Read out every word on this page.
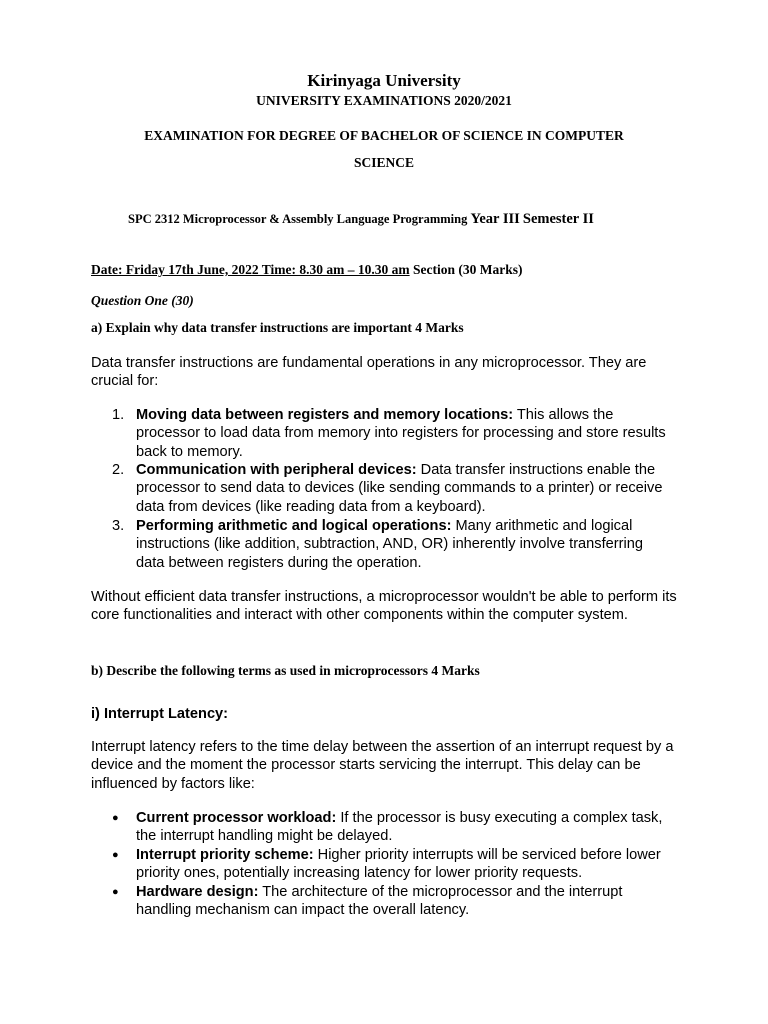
Kirinyaga University
UNIVERSITY EXAMINATIONS 2020/2021
EXAMINATION FOR DEGREE OF BACHELOR OF SCIENCE IN COMPUTER
SCIENCE
SPC 2312 Microprocessor & Assembly Language Programming Year III Semester II
Date: Friday 17th June, 2022 Time: 8.30 am – 10.30 am Section (30 Marks)
Question One (30)
a) Explain why data transfer instructions are important 4 Marks
Data transfer instructions are fundamental operations in any microprocessor. They are crucial for:
1. Moving data between registers and memory locations: This allows the processor to load data from memory into registers for processing and store results back to memory.
2. Communication with peripheral devices: Data transfer instructions enable the processor to send data to devices (like sending commands to a printer) or receive data from devices (like reading data from a keyboard).
3. Performing arithmetic and logical operations: Many arithmetic and logical instructions (like addition, subtraction, AND, OR) inherently involve transferring data between registers during the operation.
Without efficient data transfer instructions, a microprocessor wouldn't be able to perform its core functionalities and interact with other components within the computer system.
b) Describe the following terms as used in microprocessors 4 Marks
i) Interrupt Latency:
Interrupt latency refers to the time delay between the assertion of an interrupt request by a device and the moment the processor starts servicing the interrupt. This delay can be influenced by factors like:
●	Current processor workload: If the processor is busy executing a complex task, the interrupt handling might be delayed.
●	Interrupt priority scheme: Higher priority interrupts will be serviced before lower priority ones, potentially increasing latency for lower priority requests.
●	Hardware design: The architecture of the microprocessor and the interrupt handling mechanism can impact the overall latency.
